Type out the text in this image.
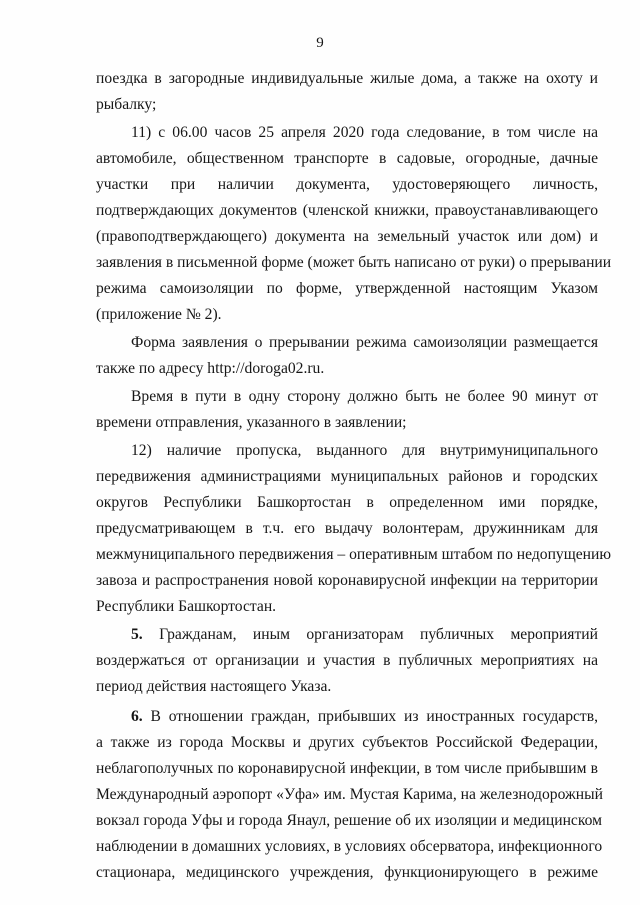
9
поездка в загородные индивидуальные жилые дома, а также на охоту и
рыбалку;
11) с 06.00 часов 25 апреля 2020 года следование, в том числе на
автомобиле, общественном транспорте в садовые, огородные, дачные
участки при наличии документа, удостоверяющего личность,
подтверждающих документов (членской книжки, правоустанавливающего
(правоподтверждающего) документа на земельный участок или дом) и
заявления в письменной форме (может быть написано от руки) о прерывании
режима самоизоляции по форме, утвержденной настоящим Указом
(приложение № 2).
Форма заявления о прерывании режима самоизоляции размещается
также по адресу http://doroga02.ru.
Время в пути в одну сторону должно быть не более 90 минут от
времени отправления, указанного в заявлении;
12) наличие пропуска, выданного для внутримуниципального
передвижения администрациями муниципальных районов и городских
округов Республики Башкортостан в определенном ими порядке,
предусматривающем в т.ч. его выдачу волонтерам, дружинникам для
межмуниципального передвижения – оперативным штабом по недопущению
завоза и распространения новой коронавирусной инфекции на территории
Республики Башкортостан.
5. Гражданам, иным организаторам публичных мероприятий
воздержаться от организации и участия в публичных мероприятиях на
период действия настоящего Указа.
6. В отношении граждан, прибывших из иностранных государств,
а также из города Москвы и других субъектов Российской Федерации,
неблагополучных по коронавирусной инфекции, в том числе прибывшим в
Международный аэропорт «Уфа» им. Мустая Карима, на железнодорожный
вокзал города Уфы и города Янаул, решение об их изоляции и медицинском
наблюдении в домашних условиях, в условиях обсерватора, инфекционного
стационара, медицинского учреждения, функционирующего в режиме
